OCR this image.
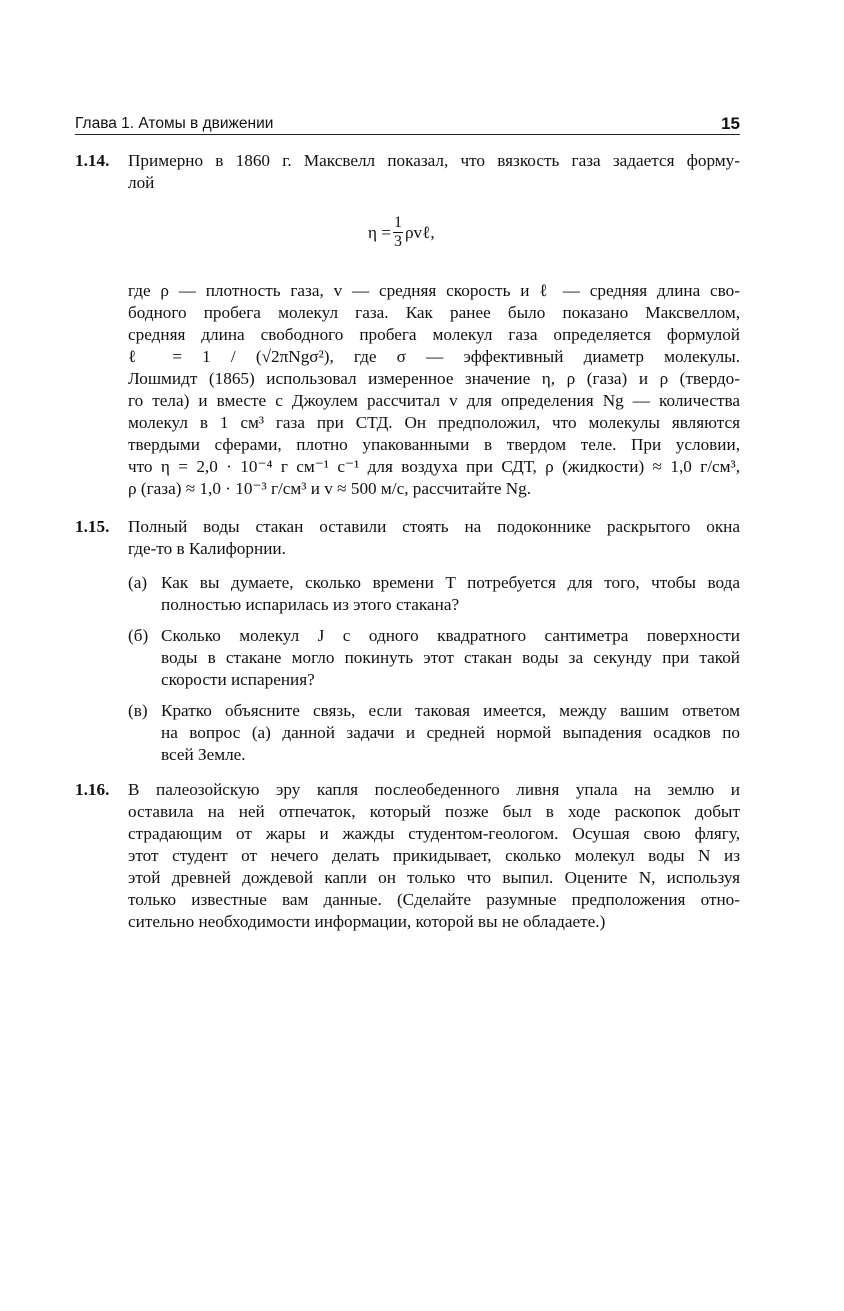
Глава 1. Атомы в движении	15
$\eta = \frac{1}{3}$ ρvℓ,
1.14. Примерно в 1860 г. Максвелл показал, что вязкость газа задается форму-
лой
где ρ — плотность газа, v — средняя скорость и ℓ — средняя длина сво-
бодного пробега молекул газа. Как ранее было показано Максвеллом,
средняя длина свободного пробега молекул газа определяется формулой
ℓ = 1 / (√2πNgσ²), где σ — эффективный диаметр молекулы.
Лошмидт (1865) использовал измеренное значение η, ρ (газа) и ρ (твердо-
го тела) и вместе с Джоулем рассчитал v для определения Ng — количества
молекул в 1 см³ газа при СТД. Он предположил, что молекулы являются
твердыми сферами, плотно упакованными в твердом теле. При условии,
что η = 2,0 · 10⁻⁴ г см⁻¹ с⁻¹ для воздуха при СДТ, ρ (жидкости) ≈ 1,0 г/см³,
ρ (газа) ≈ 1,0 · 10⁻³ г/см³ и v ≈ 500 м/с, рассчитайте Ng.
1.15. Полный воды стакан оставили стоять на подоконнике раскрытого окна
где-то в Калифорнии.
(а) Как вы думаете, сколько времени T потребуется для того, чтобы вода
полностью испарилась из этого стакана?
(б) Сколько молекул J с одного квадратного сантиметра поверхности
воды в стакане могло покинуть этот стакан воды за секунду при такой
скорости испарения?
(в) Кратко объясните связь, если таковая имеется, между вашим ответом
на вопрос (а) данной задачи и средней нормой выпадения осадков по
всей Земле.
1.16. В палеозойскую эру капля послеобеденного ливня упала на землю и
оставила на ней отпечаток, который позже был в ходе раскопок добыт
страдающим от жары и жажды студентом-геологом. Осушая свою флягу,
этот студент от нечего делать прикидывает, сколько молекул воды N из
этой древней дождевой капли он только что выпил. Оцените N, используя
только известные вам данные. (Сделайте разумные предположения отно-
сительно необходимости информации, которой вы не обладаете.)
